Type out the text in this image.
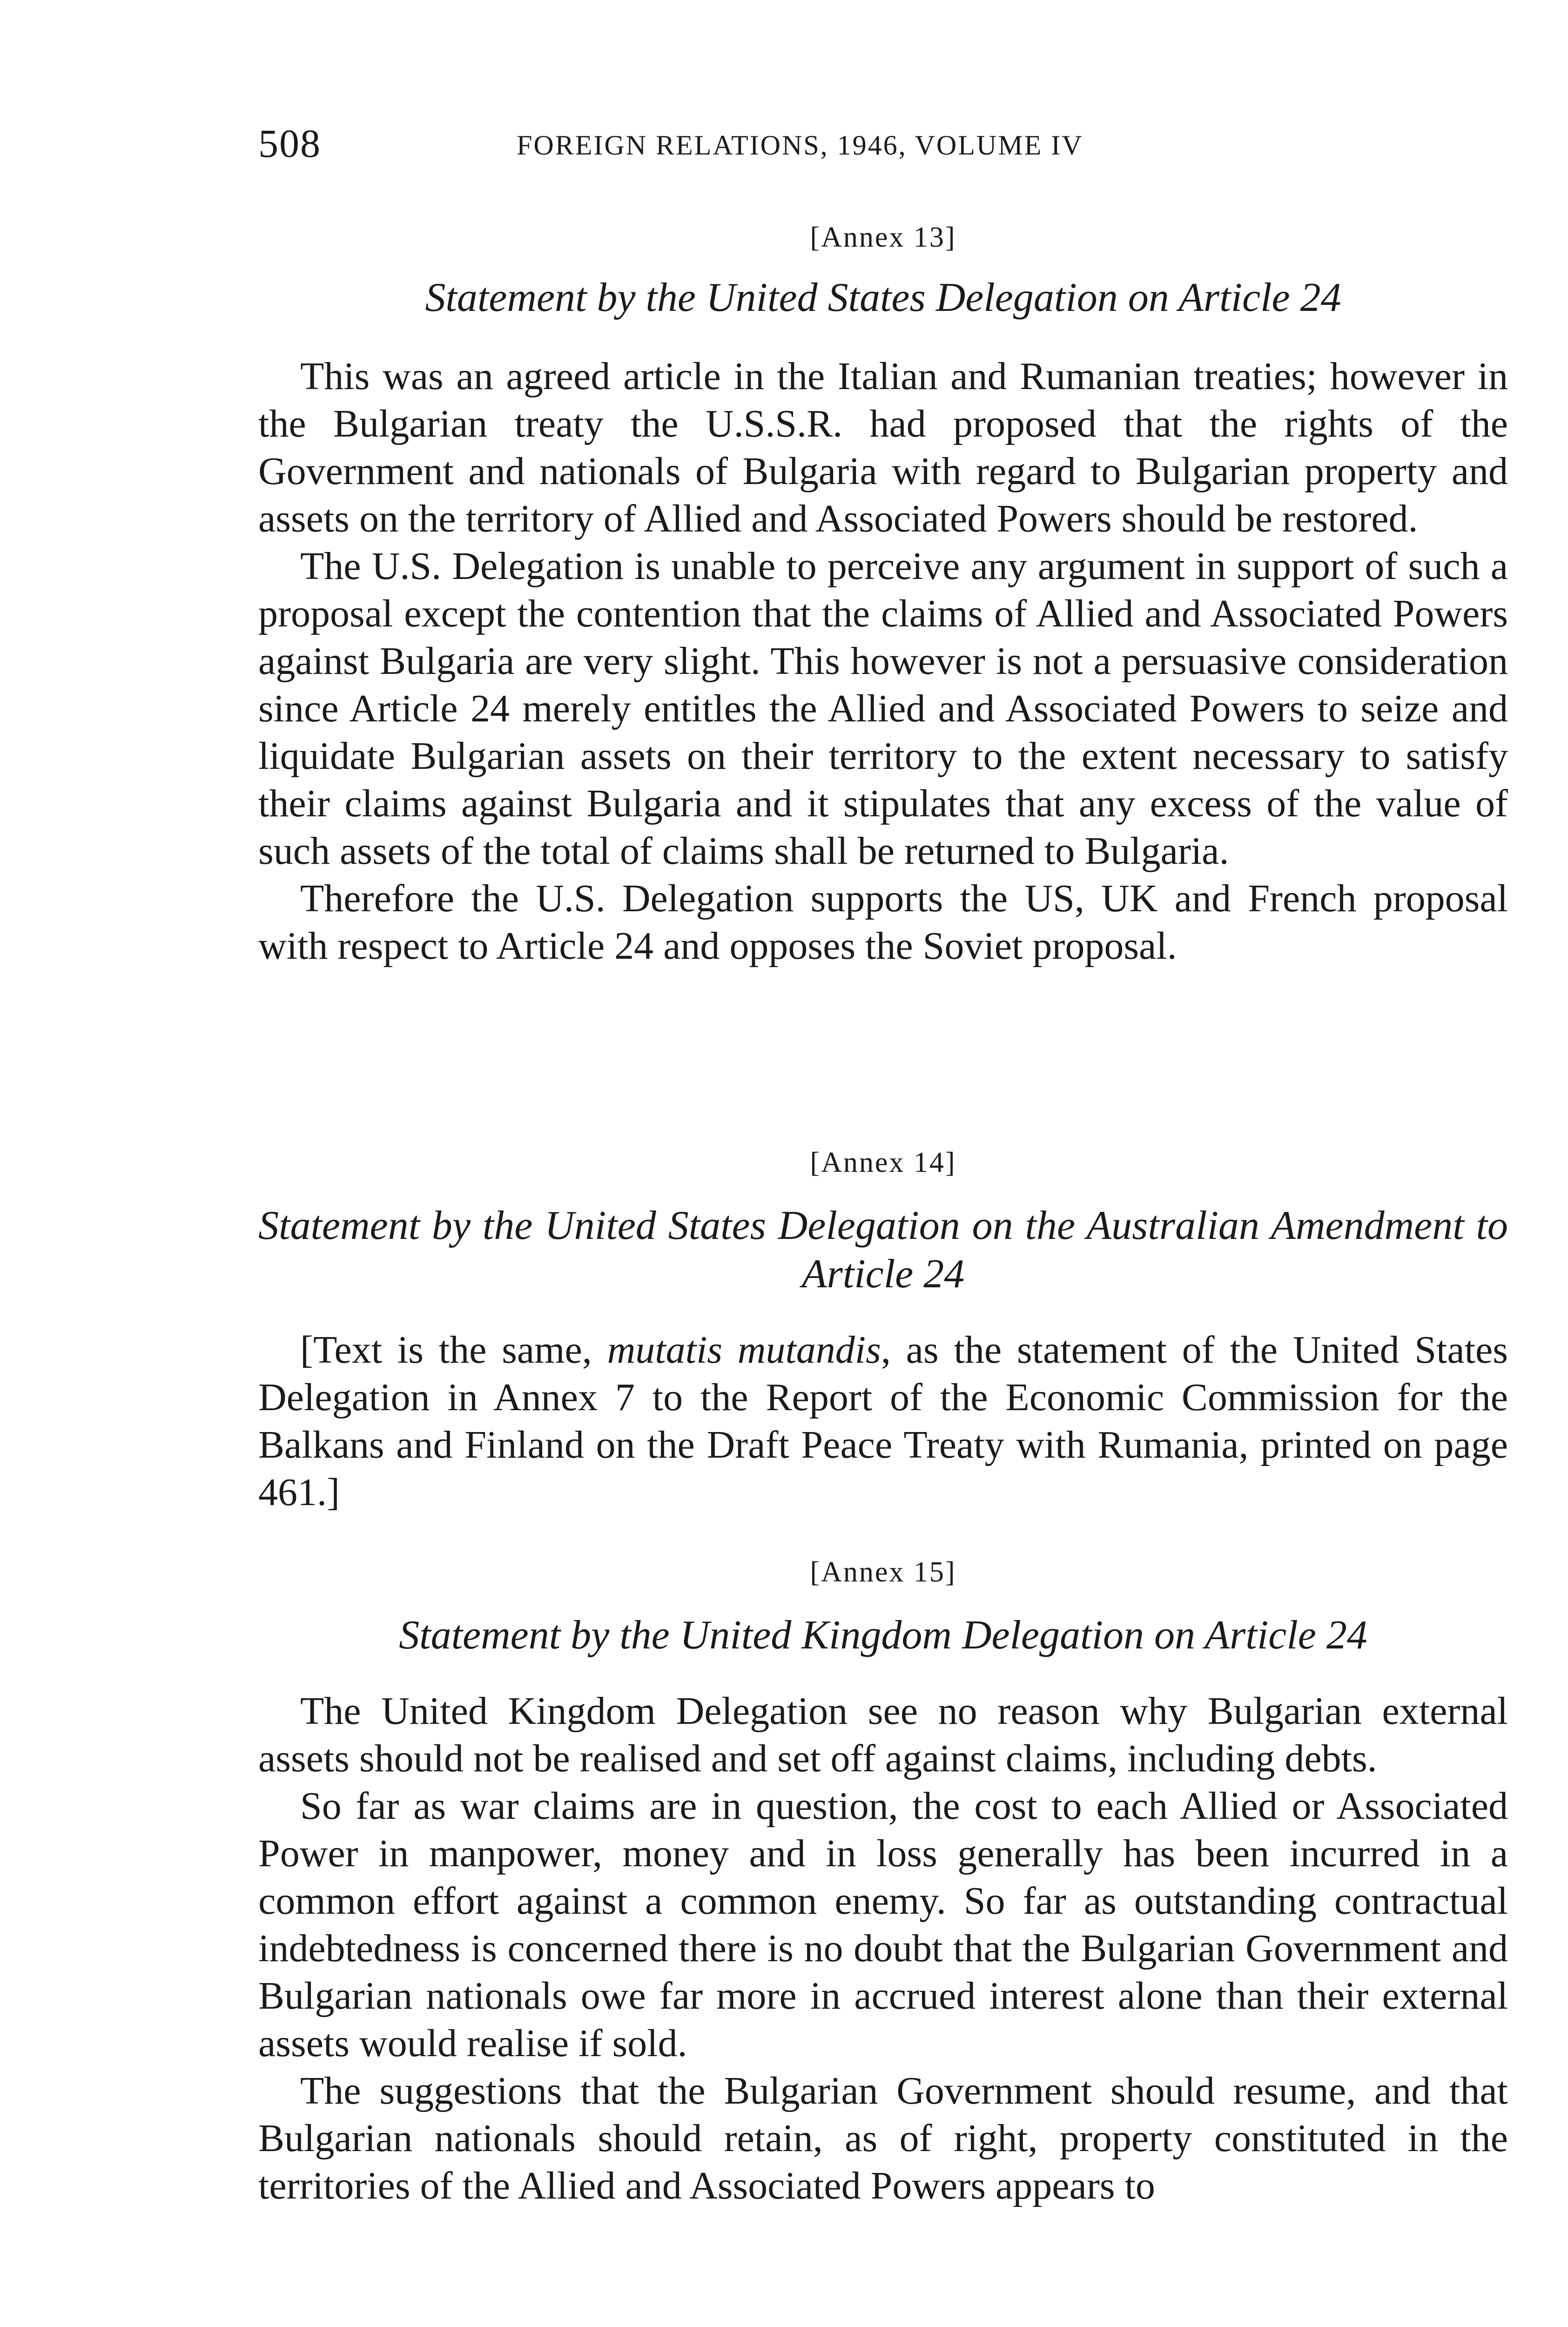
508	FOREIGN RELATIONS, 1946, VOLUME IV
[Annex 13]
Statement by the United States Delegation on Article 24

This was an agreed article in the Italian and Rumanian treaties; however in the Bulgarian treaty the U.S.S.R. had proposed that the rights of the Government and nationals of Bulgaria with regard to Bulgarian property and assets on the territory of Allied and Associated Powers should be restored.

The U.S. Delegation is unable to perceive any argument in support of such a proposal except the contention that the claims of Allied and Associated Powers against Bulgaria are very slight. This however is not a persuasive consideration since Article 24 merely entitles the Allied and Associated Powers to seize and liquidate Bulgarian assets on their territory to the extent necessary to satisfy their claims against Bulgaria and it stipulates that any excess of the value of such assets of the total of claims shall be returned to Bulgaria.

Therefore the U.S. Delegation supports the US, UK and French proposal with respect to Article 24 and opposes the Soviet proposal.

[Annex 14]
Statement by the United States Delegation on the Australian Amendment to Article 24

[Text is the same, mutatis mutandis, as the statement of the United States Delegation in Annex 7 to the Report of the Economic Commission for the Balkans and Finland on the Draft Peace Treaty with Rumania, printed on page 461.]

[Annex 15]
Statement by the United Kingdom Delegation on Article 24

The United Kingdom Delegation see no reason why Bulgarian external assets should not be realised and set off against claims, including debts.

So far as war claims are in question, the cost to each Allied or Associated Power in manpower, money and in loss generally has been incurred in a common effort against a common enemy. So far as outstanding contractual indebtedness is concerned there is no doubt that the Bulgarian Government and Bulgarian nationals owe far more in accrued interest alone than their external assets would realise if sold.

The suggestions that the Bulgarian Government should resume, and that Bulgarian nationals should retain, as of right, property constituted in the territories of the Allied and Associated Powers appears to
